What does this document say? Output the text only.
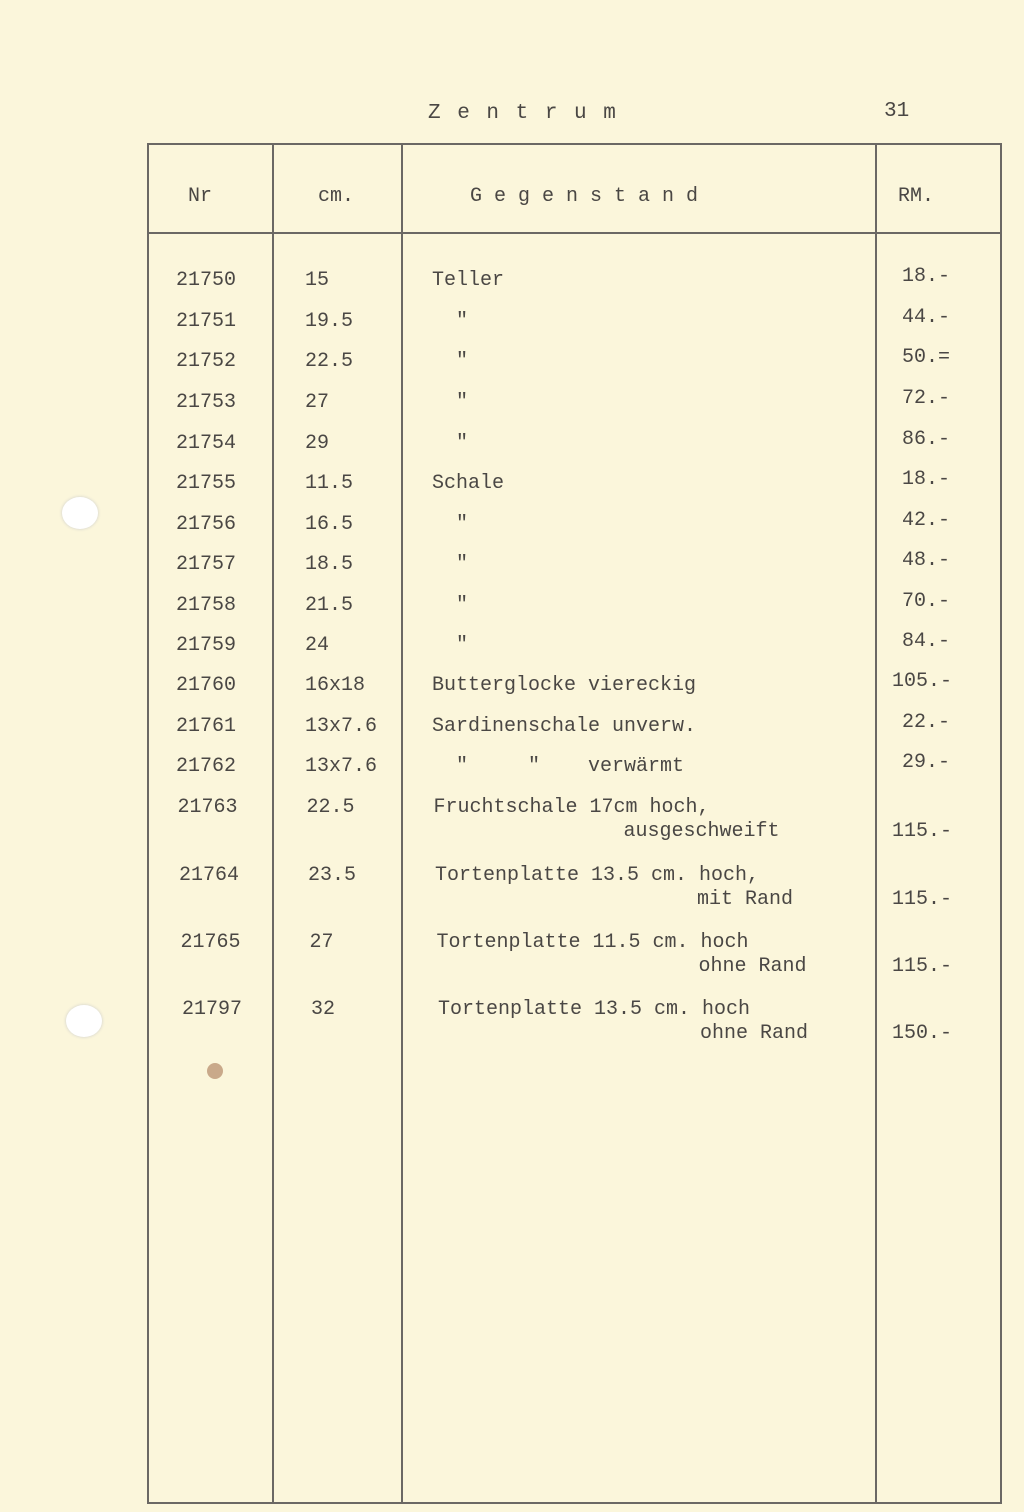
Z e n t r u m	31
Nr	cm.	G e g e n s t a n d	RM.
21750	15	Teller	18.-
21751	19.5	"	44.-
21752	22.5	"	50.=
21753	27	"	72.-
21754	29	"	86.-
21755	11.5	Schale	18.-
21756	16.5	"	42.-
21757	18.5	"	48.-
21758	21.5	"	70.-
21759	24	"	84.-
21760	16x18	Butterglocke viereckig	105.-
21761	13x7.6	Sardinenschale unverw.	22.-
21762	13x7.6	"     "    verwärmt	29.-
21763	22.5	Fruchtschale 17cm hoch,
ausgeschweift	115.-
21764	23.5	Tortenplatte 13.5 cm. hoch,
mit Rand	115.-
21765	27	Tortenplatte 11.5 cm. hoch
ohne Rand	115.-
21797	32	Tortenplatte 13.5 cm. hoch
ohne Rand	150.-
